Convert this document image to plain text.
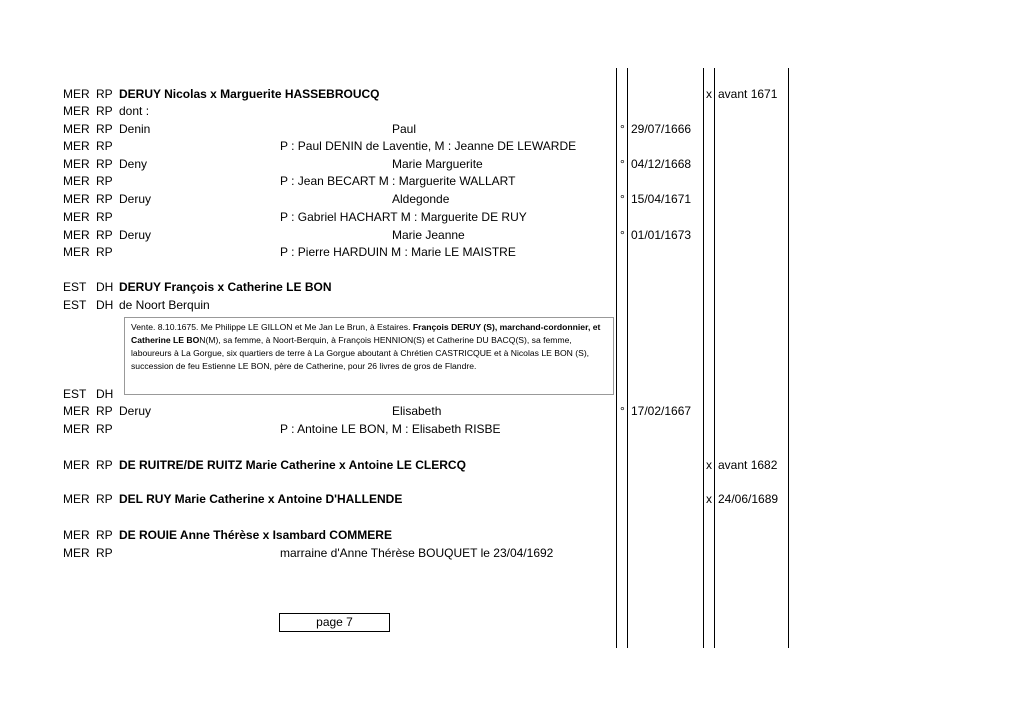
MER RP DERUY Nicolas x Marguerite HASSEBROUCQ	x avant 1671
MER RP dont :
MER RP Denin	Paul	° 29/07/1666
MER RP	P : Paul DENIN de Laventie, M : Jeanne DE LEWARDE
MER RP Deny	Marie Marguerite	° 04/12/1668
MER RP	P : Jean BECART M : Marguerite WALLART
MER RP Deruy	Aldegonde	° 15/04/1671
MER RP	P : Gabriel HACHART M : Marguerite DE RUY
MER RP Deruy	Marie Jeanne	° 01/01/1673
MER RP	P : Pierre HARDUIN M : Marie LE MAISTRE
EST DH DERUY François x Catherine LE BON
EST DH de Noort Berquin
EST DH
Vente. 8.10.1675. Me Philippe LE GILLON et Me Jan Le Brun, à Estaires. François DERUY (S), marchand-cordonnier, et Catherine LE BON(M), sa femme, à Noort-Berquin, à François HENNION(S) et Catherine DU BACQ(S), sa femme, laboureurs à La Gorgue, six quartiers de terre à La Gorgue aboutant à Chrétien CASTRICQUE et à Nicolas LE BON (S), succession de feu Estienne LE BON, père de Catherine, pour 26 livres de gros de Flandre.
MER RP Deruy	Elisabeth	° 17/02/1667
MER RP	P : Antoine LE BON, M : Elisabeth RISBE
MER RP DE RUITRE/DE RUITZ Marie Catherine x Antoine LE CLERCQ	x avant 1682
MER RP DEL RUY Marie Catherine x Antoine D'HALLENDE	x 24/06/1689
MER RP DE ROUIE Anne Thérèse x Isambard COMMERE
MER RP	marraine d'Anne Thérèse BOUQUET le 23/04/1692
page 7
